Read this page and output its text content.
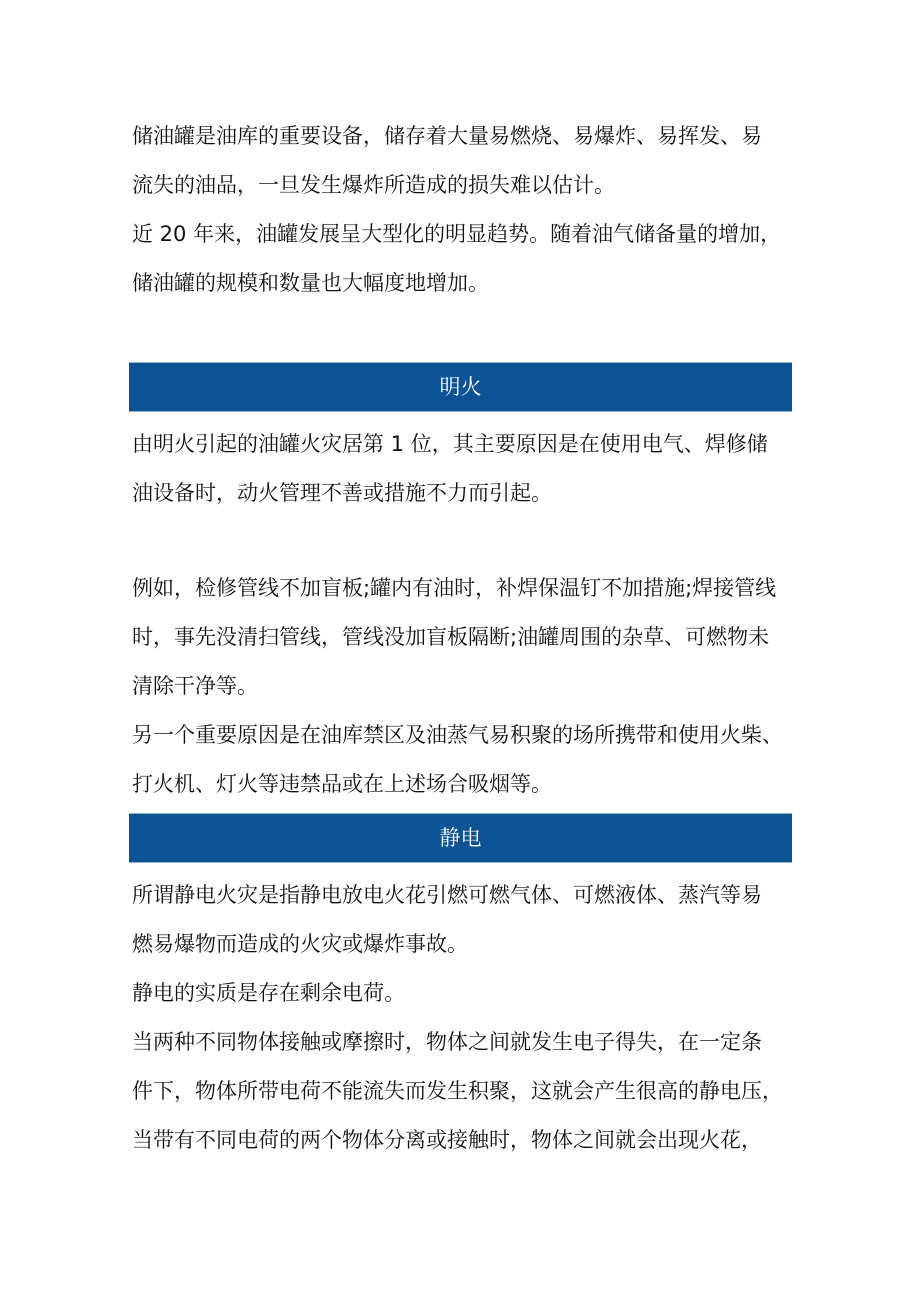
储油罐是油库的重要设备，储存着大量易燃烧、易爆炸、易挥发、易

流失的油品，一旦发生爆炸所造成的损失难以估计。

近 20 年来，油罐发展呈大型化的明显趋势。随着油气储备量的增加，

储油罐的规模和数量也大幅度地增加。

明火

由明火引起的油罐火灾居第 1 位，其主要原因是在使用电气、焊修储

油设备时，动火管理不善或措施不力而引起。

例如，检修管线不加盲板;罐内有油时，补焊保温钉不加措施;焊接管线

时，事先没清扫管线，管线没加盲板隔断;油罐周围的杂草、可燃物未

清除干净等。

另一个重要原因是在油库禁区及油蒸气易积聚的场所携带和使用火柴、

打火机、灯火等违禁品或在上述场合吸烟等。

静电

所谓静电火灾是指静电放电火花引燃可燃气体、可燃液体、蒸汽等易

燃易爆物而造成的火灾或爆炸事故。

静电的实质是存在剩余电荷。

当两种不同物体接触或摩擦时，物体之间就发生电子得失，在一定条

件下，物体所带电荷不能流失而发生积聚，这就会产生很高的静电压，

当带有不同电荷的两个物体分离或接触时，物体之间就会出现火花，
